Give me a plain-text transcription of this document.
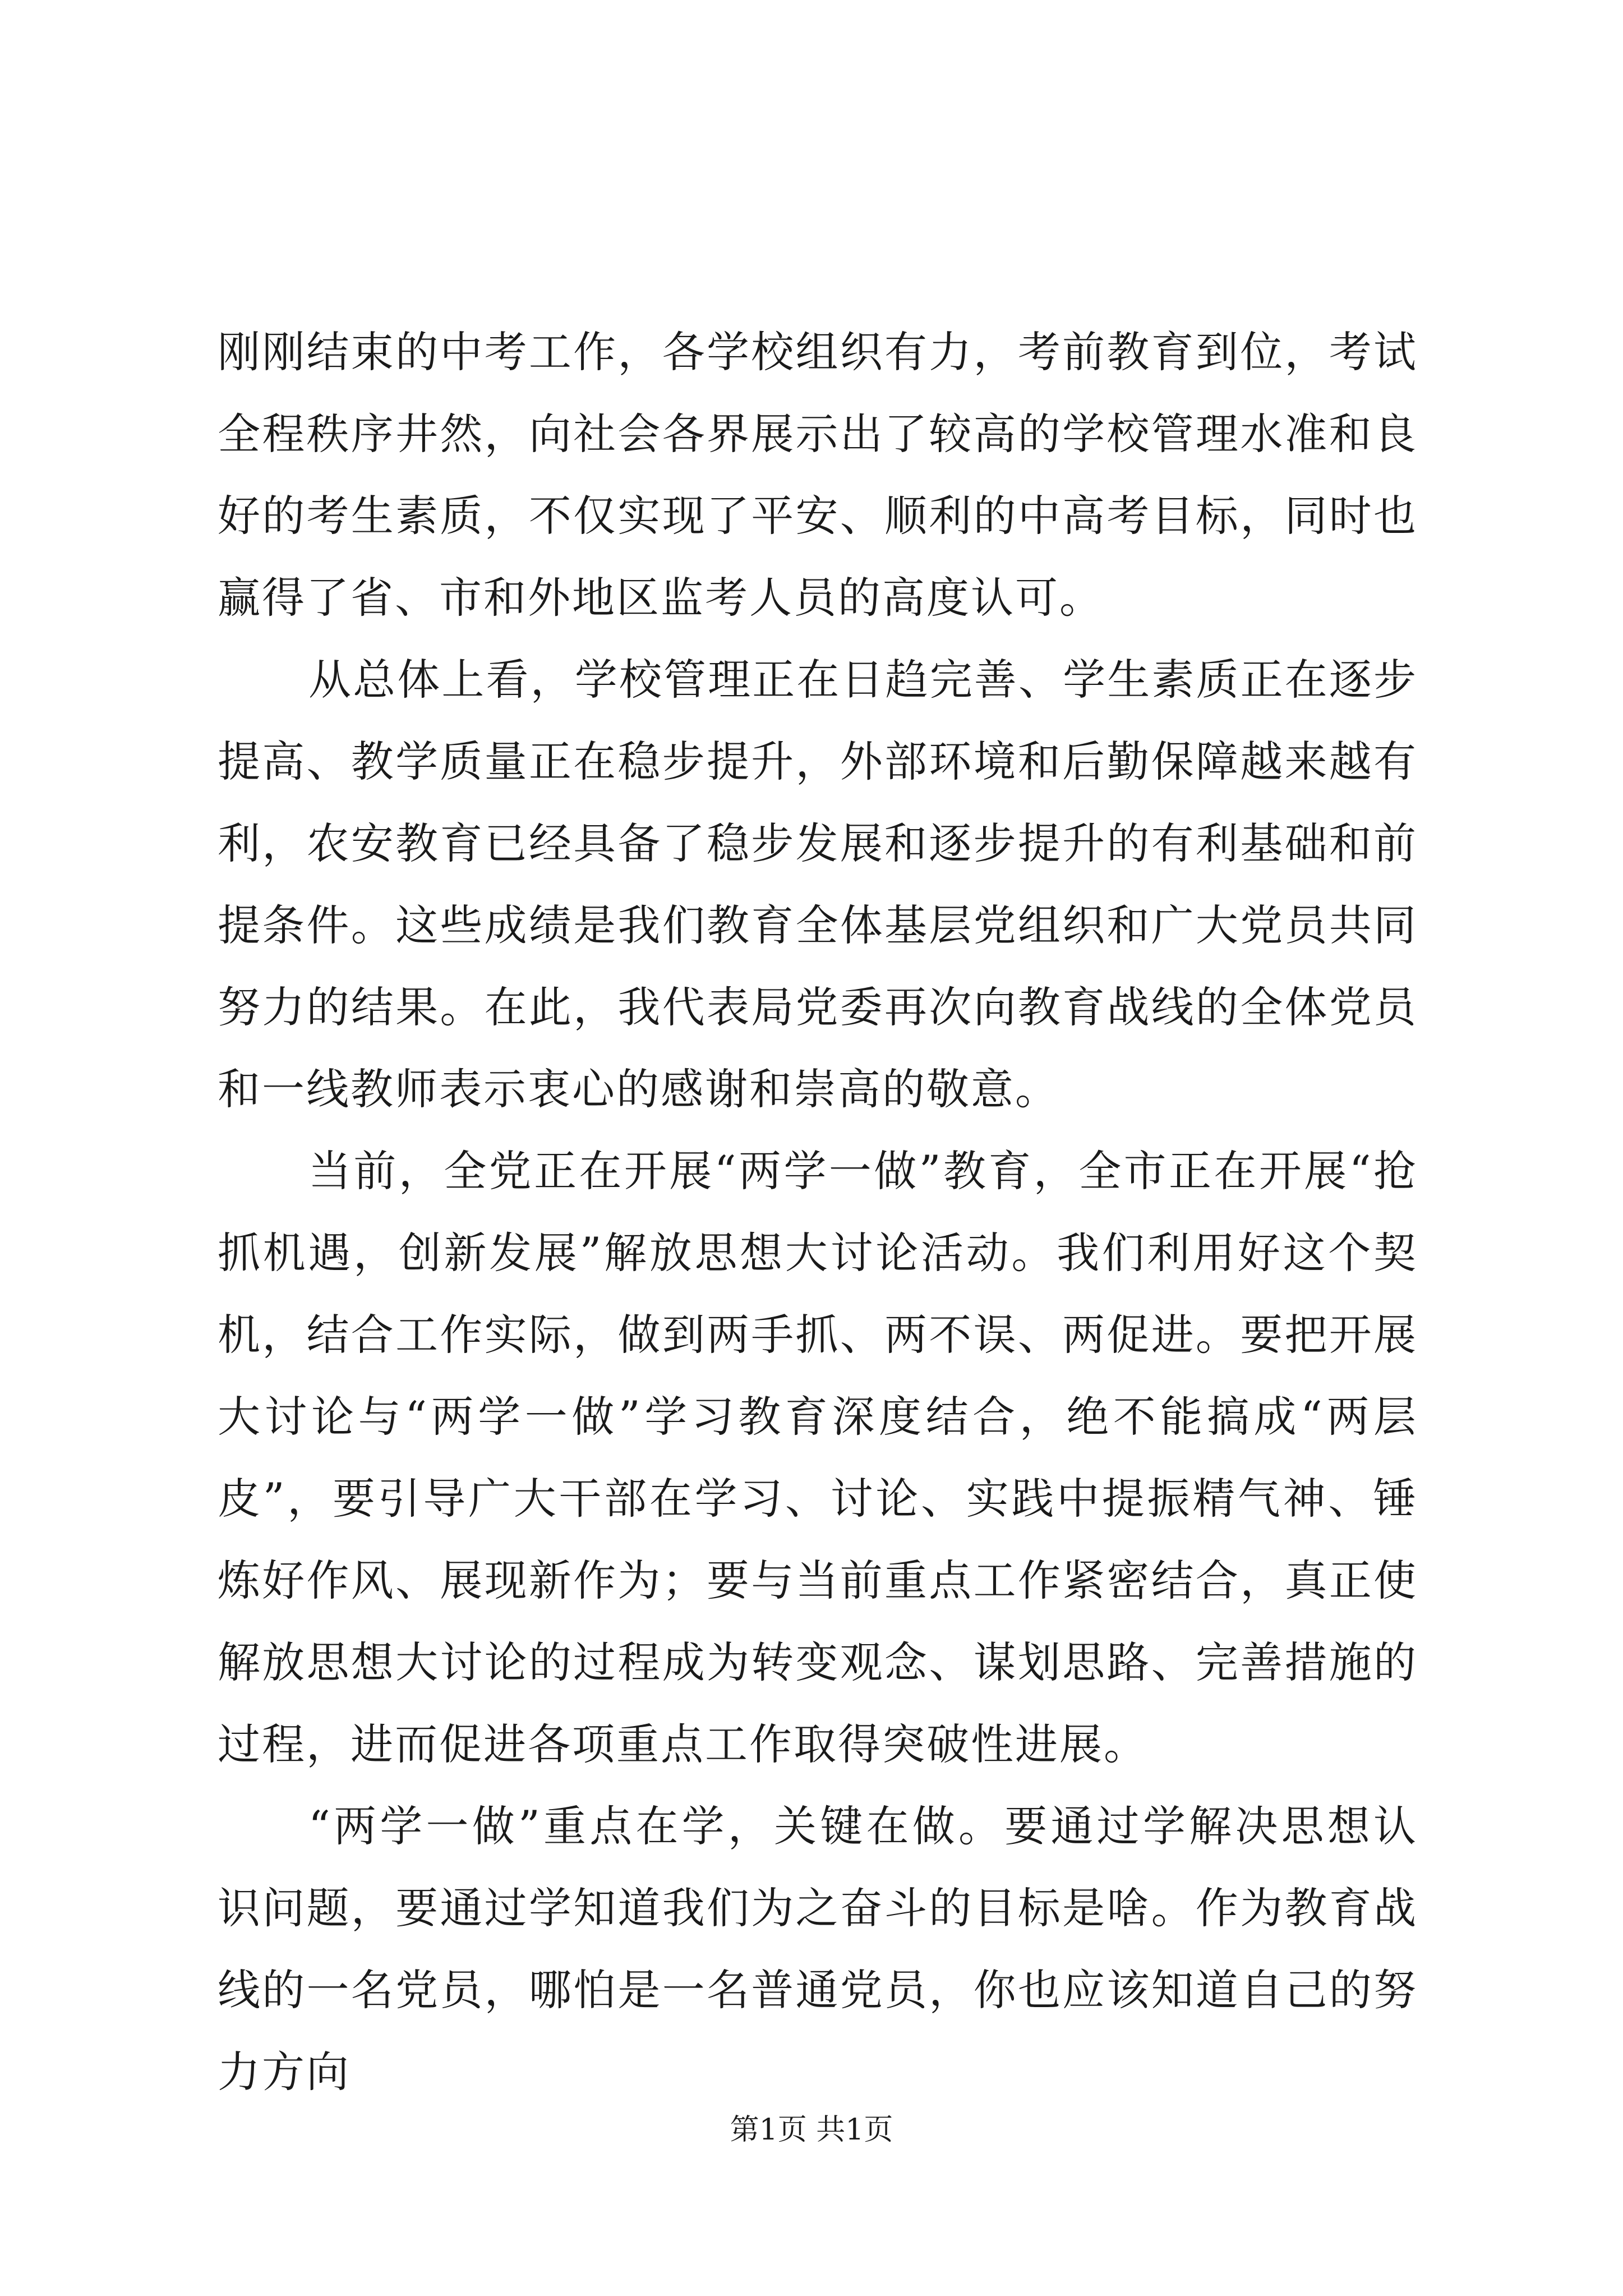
刚刚结束的中考工作，各学校组织有力，考前教育到位，考试全程秩序井然，向社会各界展示出了较高的学校管理水准和良好的考生素质，不仅实现了平安、顺利的中高考目标，同时也赢得了省、市和外地区监考人员的高度认可。

从总体上看，学校管理正在日趋完善、学生素质正在逐步提高、教学质量正在稳步提升，外部环境和后勤保障越来越有利，农安教育已经具备了稳步发展和逐步提升的有利基础和前提条件。这些成绩是我们教育全体基层党组织和广大党员共同努力的结果。在此，我代表局党委再次向教育战线的全体党员和一线教师表示衷心的感谢和崇高的敬意。

当前，全党正在开展“两学一做”教育，全市正在开展“抢抓机遇，创新发展”解放思想大讨论活动。我们利用好这个契机，结合工作实际，做到两手抓、两不误、两促进。要把开展大讨论与“两学一做”学习教育深度结合，绝不能搞成“两层皮”，要引导广大干部在学习、讨论、实践中提振精气神、锤炼好作风、展现新作为；要与当前重点工作紧密结合，真正使解放思想大讨论的过程成为转变观念、谋划思路、完善措施的过程，进而促进各项重点工作取得突破性进展。

“两学一做”重点在学，关键在做。要通过学解决思想认识问题，要通过学知道我们为之奋斗的目标是啥。作为教育战线的一名党员，哪怕是一名普通党员，你也应该知道自己的努力方向

第1页 共1页
